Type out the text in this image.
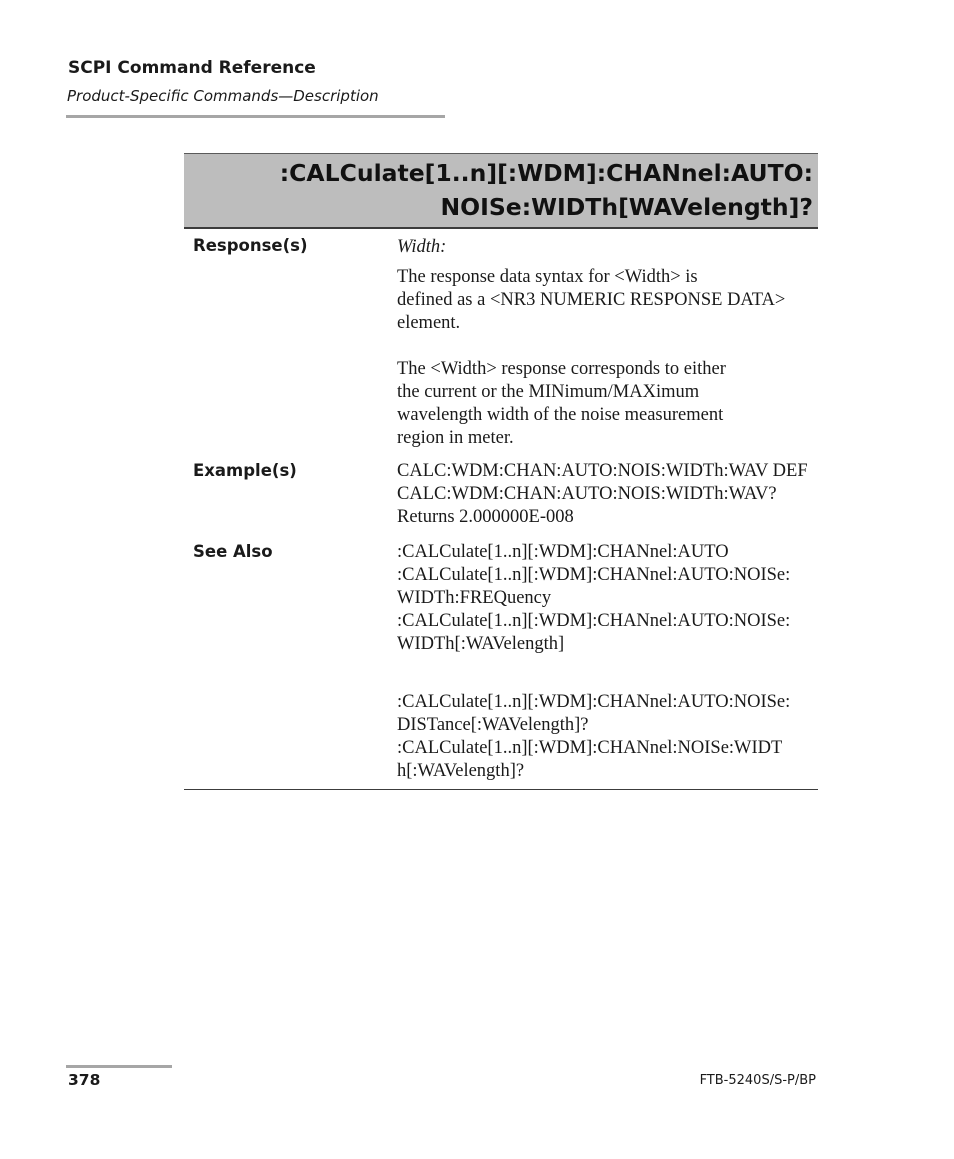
SCPI Command Reference
Product-Specific Commands—Description
:CALCulate[1..n][:WDM]:CHANnel:AUTO:
NOISe:WIDTh[WAVelength]?
Response(s)	Width:

The response data syntax for <Width> is

defined as a <NR3 NUMERIC RESPONSE DATA>

element.

The <Width> response corresponds to either

the current or the MINimum/MAXimum

wavelength width of the noise measurement

region in meter.

Example(s)	CALC:WDM:CHAN:AUTO:NOIS:WIDTh:WAV DEF

CALC:WDM:CHAN:AUTO:NOIS:WIDTh:WAV?

Returns 2.000000E-008

See Also	:CALCulate[1..n][:WDM]:CHANnel:AUTO

:CALCulate[1..n][:WDM]:CHANnel:AUTO:NOISe:

WIDTh:FREQuency

:CALCulate[1..n][:WDM]:CHANnel:AUTO:NOISe:

WIDTh[:WAVelength]

:CALCulate[1..n][:WDM]:CHANnel:AUTO:NOISe:

DISTance[:WAVelength]?

:CALCulate[1..n][:WDM]:CHANnel:NOISe:WIDT

h[:WAVelength]?

378	FTB-5240S/S-P/BP
